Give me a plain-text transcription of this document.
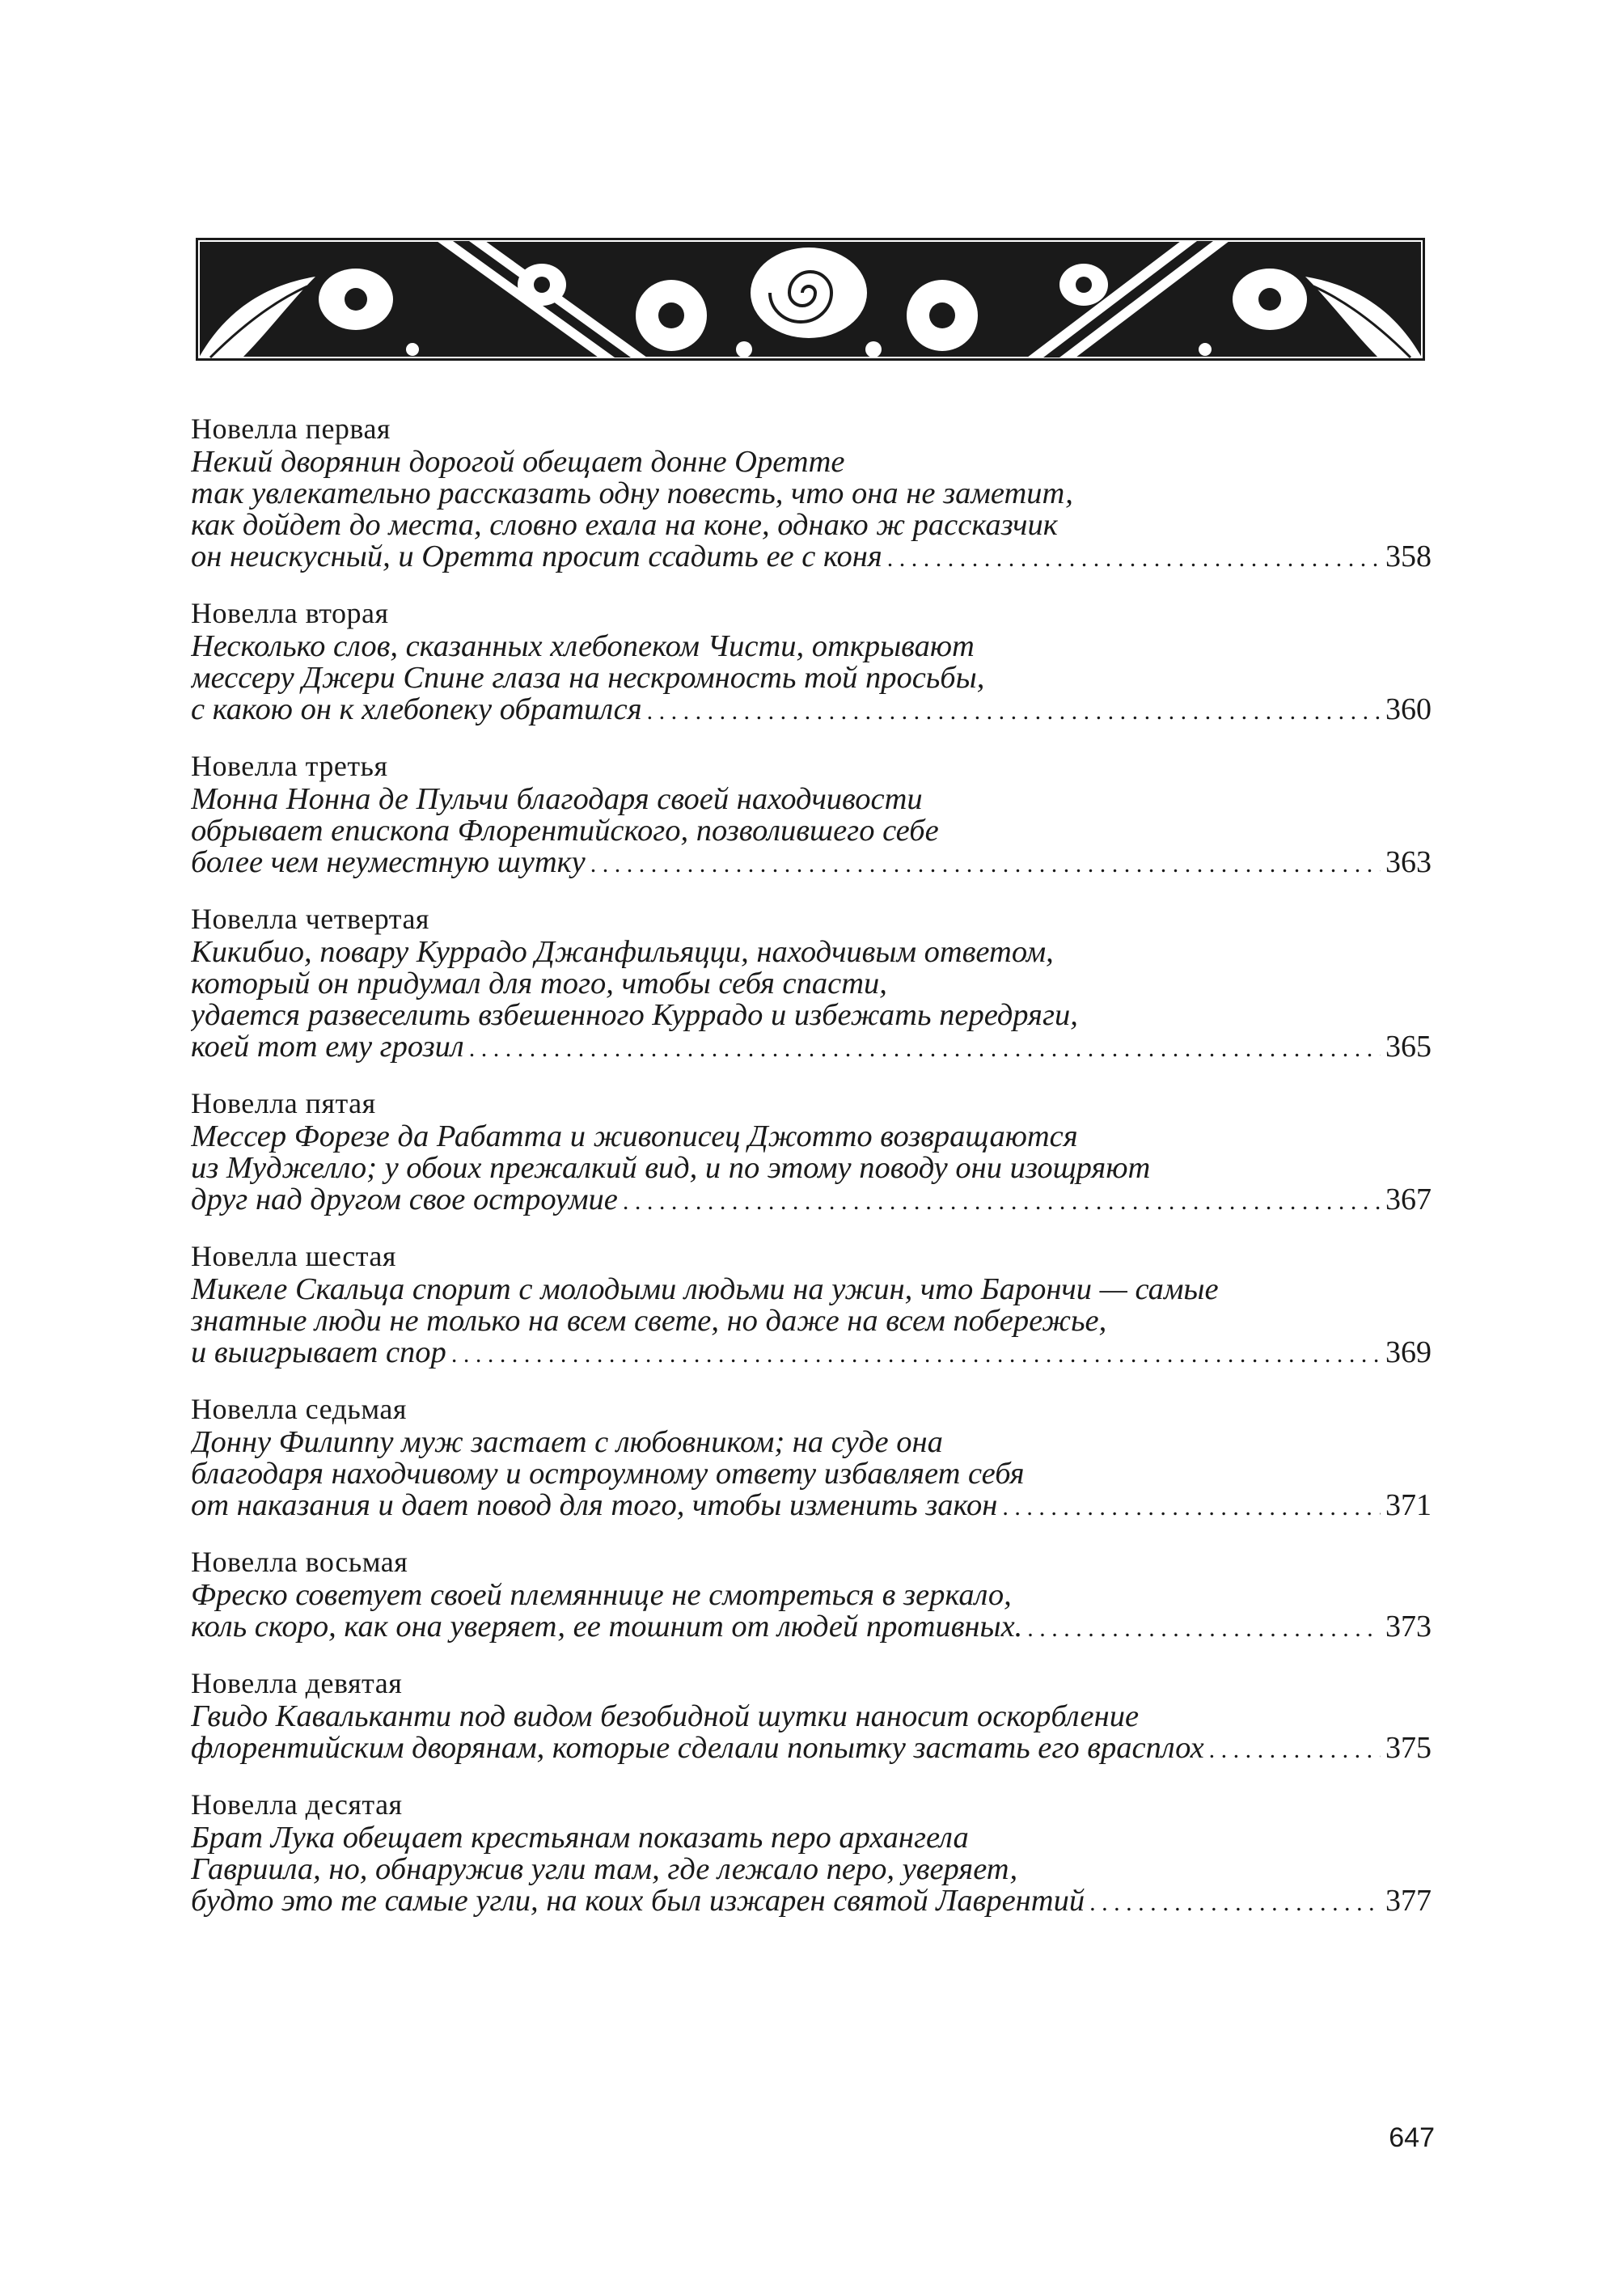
Новелла первая
Некий дворянин дорогой обещает донне Оретте
так увлекательно рассказать одну повесть, что она не заметит,
как дойдет до места, словно ехала на коне, однако ж рассказчик
он неискусный, и Оретта просит ссадить ее с коня . . .	358
Новелла вторая
Несколько слов, сказанных хлебопеком Чисти, открывают
мессеру Джери Спине глаза на нескромность той просьбы,
с какою он к хлебопеку обратился . . .	360
Новелла третья
Монна Нонна де Пульчи благодаря своей находчивости
обрывает епископа Флорентийского, позволившего себе
более чем неуместную шутку . . .	363
Новелла четвертая
Кикибио, повару Куррадо Джанфильяцци, находчивым ответом,
который он придумал для того, чтобы себя спасти,
удается развеселить взбешенного Куррадо и избежать передряги,
коей тот ему грозил . . .	365
Новелла пятая
Мессер Форезе да Рабатта и живописец Джотто возвращаются
из Муджелло; у обоих прежалкий вид, и по этому поводу они изощряют
друг над другом свое остроумие . . .	367
Новелла шестая
Микеле Скальца спорит с молодыми людьми на ужин, что Барончи — самые
знатные люди не только на всем свете, но даже на всем побережье,
и выигрывает спор . . .	369
Новелла седьмая
Донну Филиппу муж застает с любовником; на суде она
благодаря находчивому и остроумному ответу избавляет себя
от наказания и дает повод для того, чтобы изменить закон . . .	371
Новелла восьмая
Фреско советует своей племяннице не смотреться в зеркало,
коль скоро, как она уверяет, ее тошнит от людей противных. . . .	373
Новелла девятая
Гвидо Кавальканти под видом безобидной шутки наносит оскорбление
флорентийским дворянам, которые сделали попытку застать его врасплох . . .	375
Новелла десятая
Брат Лука обещает крестьянам показать перо архангела
Гавриила, но, обнаружив угли там, где лежало перо, уверяет,
будто это те самые угли, на коих был изжарен святой Лаврентий . . .	377
647
